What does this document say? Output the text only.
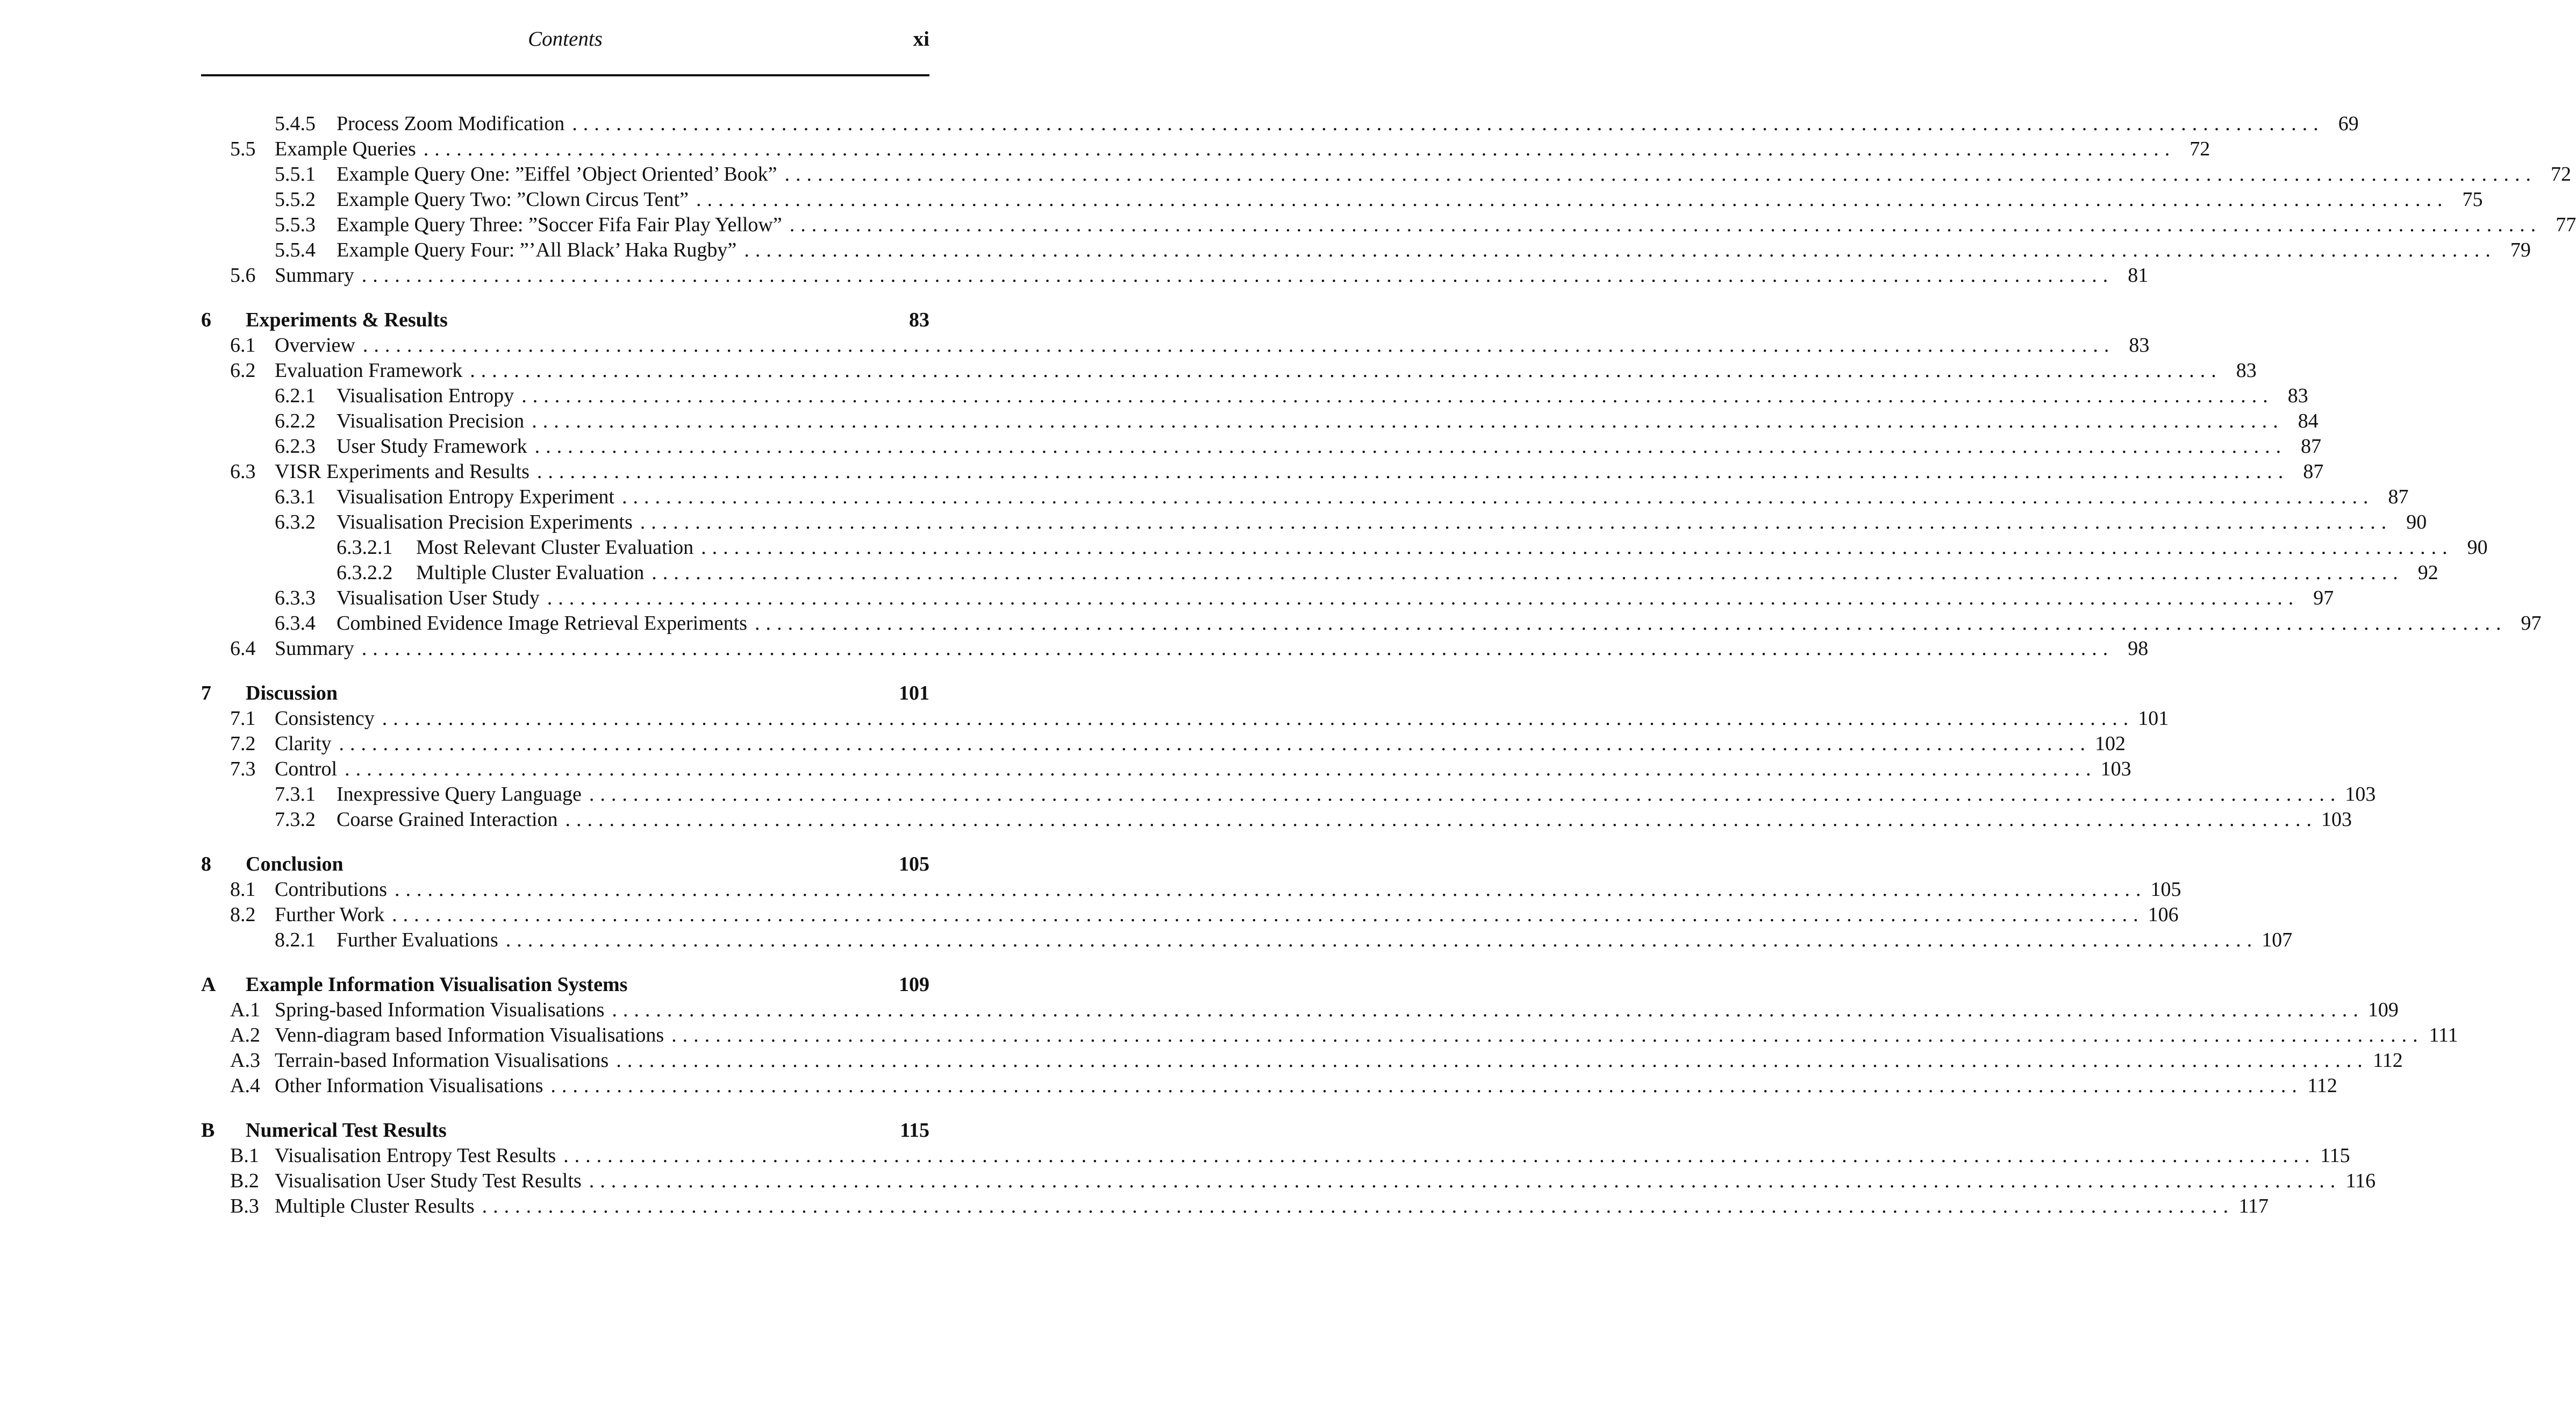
Contents	xi
5.4.5	Process Zoom Modification ............................................................................................................................................................... 69
5.5 Example Queries ............................................................................................................................................................... 72
5.5.1	Example Query One: ”Eiffel ’Object Oriented’ Book” ............................................................................................................................................................... 72
5.5.2	Example Query Two: ”Clown Circus Tent” ............................................................................................................................................................... 75
5.5.3	Example Query Three: ”Soccer Fifa Fair Play Yellow” ............................................................................................................................................................... 77
5.5.4	Example Query Four: ”’All Black’ Haka Rugby” ............................................................................................................................................................... 79
5.6 Summary ............................................................................................................................................................... 81
6	Experiments & Results	83
6.1 Overview ............................................................................................................................................................... 83
6.2 Evaluation Framework ............................................................................................................................................................... 83
6.2.1	Visualisation Entropy ............................................................................................................................................................... 83
6.2.2	Visualisation Precision ............................................................................................................................................................... 84
6.2.3	User Study Framework ............................................................................................................................................................... 87
6.3 VISR Experiments and Results ............................................................................................................................................................... 87
6.3.1	Visualisation Entropy Experiment ............................................................................................................................................................... 87
6.3.2	Visualisation Precision Experiments ............................................................................................................................................................... 90
6.3.2.1	Most Relevant Cluster Evaluation ............................................................................................................................................................... 90
6.3.2.2	Multiple Cluster Evaluation ............................................................................................................................................................... 92
6.3.3	Visualisation User Study ............................................................................................................................................................... 97
6.3.4	Combined Evidence Image Retrieval Experiments ............................................................................................................................................................... 97
6.4 Summary ............................................................................................................................................................... 98
7	Discussion	101
7.1 Consistency ............................................................................................................................................................... 101
7.2 Clarity ............................................................................................................................................................... 102
7.3 Control ............................................................................................................................................................... 103
7.3.1	Inexpressive Query Language ............................................................................................................................................................... 103
7.3.2	Coarse Grained Interaction ............................................................................................................................................................... 103
8	Conclusion	105
8.1 Contributions ............................................................................................................................................................... 105
8.2 Further Work ............................................................................................................................................................... 106
8.2.1	Further Evaluations ............................................................................................................................................................... 107
A	Example Information Visualisation Systems	109
A.1 Spring-based Information Visualisations ............................................................................................................................................................... 109
A.2 Venn-diagram based Information Visualisations ............................................................................................................................................................... 111
A.3 Terrain-based Information Visualisations ............................................................................................................................................................... 112
A.4 Other Information Visualisations ............................................................................................................................................................... 112
B	Numerical Test Results	115
B.1 Visualisation Entropy Test Results ............................................................................................................................................................... 115
B.2 Visualisation User Study Test Results ............................................................................................................................................................... 116
B.3 Multiple Cluster Results ............................................................................................................................................................... 117
